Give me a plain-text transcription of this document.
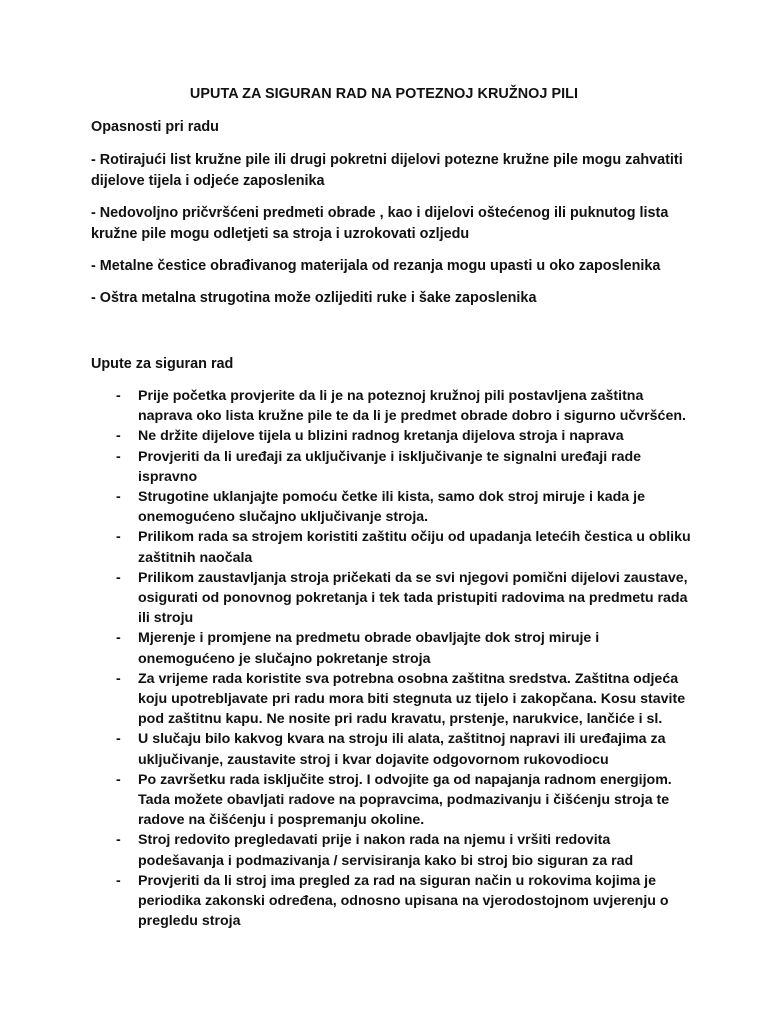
UPUTA ZA SIGURAN RAD NA POTEZNOJ KRUŽNOJ PILI
Opasnosti pri radu

- Rotirajući list kružne pile ili drugi pokretni dijelovi potezne kružne pile mogu zahvatiti dijelove tijela i odjeće zaposlenika

- Nedovoljno pričvršćeni predmeti obrade , kao i dijelovi oštećenog ili puknutog lista kružne pile mogu odletjeti sa stroja i uzrokovati ozljedu

- Metalne čestice obrađivanog materijala od rezanja mogu upasti u oko zaposlenika

- Oštra metalna strugotina može ozlijediti ruke i šake zaposlenika

Upute za siguran rad
- Prije početka provjerite da li je na poteznoj kružnoj pili postavljena zaštitna naprava oko lista kružne pile te da li je predmet obrade dobro i sigurno učvršćen.
- Ne držite dijelove tijela u blizini radnog kretanja dijelova stroja i naprava
- Provjeriti da li uređaji za uključivanje i isključivanje te signalni uređaji rade ispravno
- Strugotine uklanjajte pomoću četke ili kista, samo dok stroj miruje i kada je onemogućeno slučajno uključivanje stroja.
- Prilikom rada sa strojem koristiti zaštitu očiju od upadanja letećih čestica u obliku zaštitnih naočala
- Prilikom zaustavljanja stroja pričekati da se svi njegovi pomični dijelovi zaustave, osigurati od ponovnog pokretanja i tek tada pristupiti radovima na predmetu rada ili stroju
- Mjerenje i promjene na predmetu obrade obavljajte dok stroj miruje i onemogućeno je slučajno pokretanje stroja
- Za vrijeme rada koristite sva potrebna osobna zaštitna sredstva. Zaštitna odjeća koju upotrebljavate pri radu mora biti stegnuta uz tijelo i zakopčana. Kosu stavite pod zaštitnu kapu. Ne nosite pri radu kravatu, prstenje, narukvice, lančiće i sl.
- U slučaju bilo kakvog kvara na stroju ili alata, zaštitnoj napravi ili uređajima za uključivanje, zaustavite stroj i kvar dojavite odgovornom rukovodiocu
- Po završetku rada isključite stroj. I odvojite ga od napajanja radnom energijom. Tada možete obavljati radove na popravcima, podmazivanju i čišćenju stroja te radove na čišćenju i pospremanju okoline.
- Stroj redovito pregledavati prije i nakon rada na njemu i vršiti redovita podešavanja i podmazivanja / servisiranja kako bi stroj bio siguran za rad
- Provjeriti da li stroj ima pregled za rad na siguran način u rokovima kojima je periodika zakonski određena, odnosno upisana na vjerodostojnom uvjerenju o pregledu stroja
